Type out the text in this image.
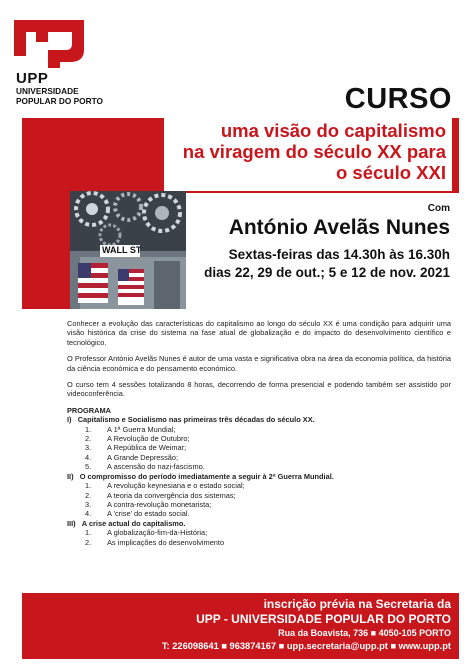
UPP
UNIVERSIDADE
POPULAR DO PORTO	CURSO
uma visão do capitalismo
na viragem do século XX para
o século XXI
WALL ST
Com
António Avelãs Nunes
Sextas-feiras das 14.30h às 16.30h
dias 22, 29 de out.; 5 e 12 de nov. 2021

Conhecer a evolução das características do capitalismo ao longo do século XX é uma condição para adquirir uma visão histórica da crise do sistema na fase atual de globalização e do impacto do desenvolvimento científico e tecnológico.

O Professor António Avelãs Nunes é autor de uma vasta e significativa obra na área da economia política, da história da ciência económica e do pensamento económico.

O curso tem 4 sessões totalizando 8 horas, decorrendo de forma presencial e podendo também ser assistido por videoconferência.

PROGRAMA
I) Capitalismo e Socialismo nas primeiras três décadas do século XX.
1. A 1ª Guerra Mundial;
2. A Revolução de Outubro;
3. A República de Weimar;
4. A Grande Depressão;
5. A ascensão do nazi-fascismo.
II) O compromisso do período imediatamente a seguir à 2ª Guerra Mundial.
1. A revolução keynesiana e o estado social;
2. A teoria da convergência dos sistemas;
3. A contra-revolução monetarista;
4. A 'crise' do estado social.
III) A crise actual do capitalismo.
1. A globalização-fim-da-História;
2. As implicações do desenvolvimento
inscrição prévia na Secretaria da
UPP - UNIVERSIDADE POPULAR DO PORTO
Rua da Boavista, 736 ■ 4050-105 PORTO
T: 226098641 ■ 963874167 ■ upp.secretaria@upp.pt ■ www.upp.pt
